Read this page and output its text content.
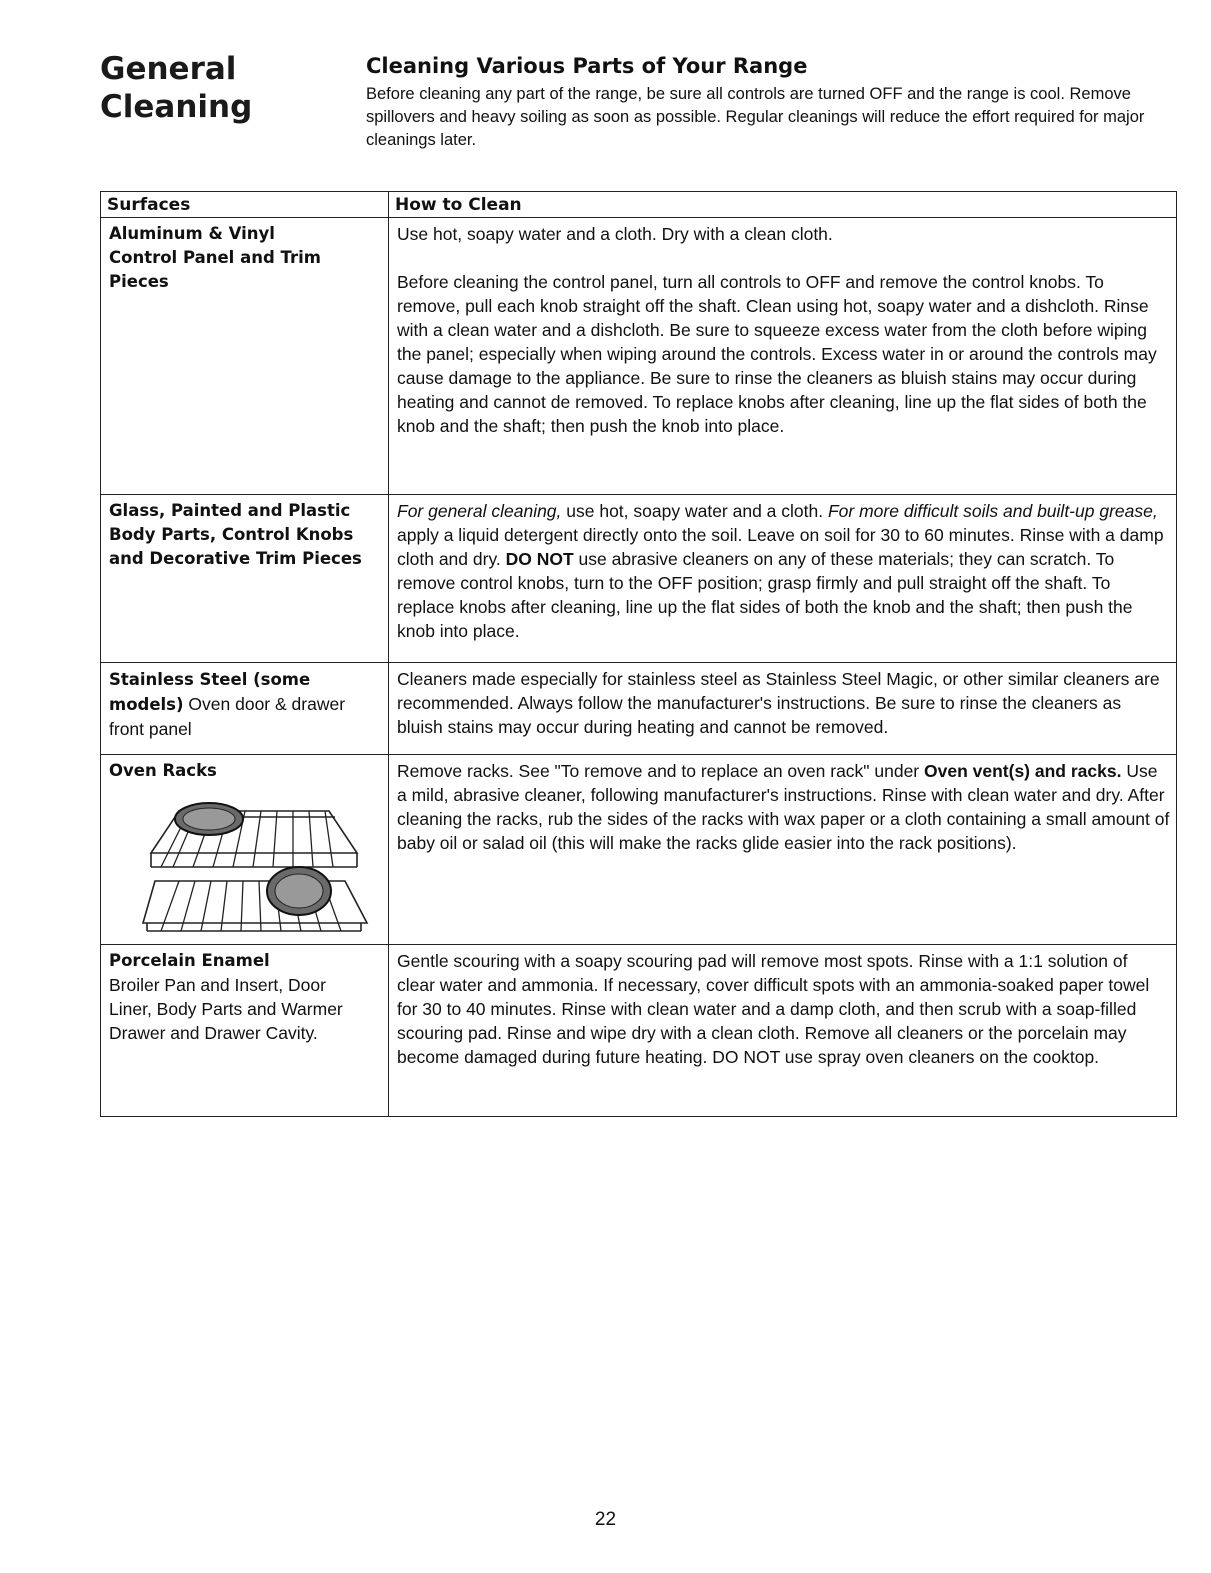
General
Cleaning
Cleaning Various Parts of Your Range
Before cleaning any part of the range, be sure all controls are turned OFF and the range is cool. Remove spillovers and heavy soiling as soon as possible. Regular cleanings will reduce the effort required for major cleanings later.
Surfaces	How to Clean

Aluminum & Vinyl Control Panel and Trim Pieces	Use hot, soapy water and a cloth. Dry with a clean cloth.

Before cleaning the control panel, turn all controls to OFF and remove the control knobs. To remove, pull each knob straight off the shaft. Clean using hot, soapy water and a dishcloth. Rinse with a clean water and a dishcloth. Be sure to squeeze excess water from the cloth before wiping the panel; especially when wiping around the controls. Excess water in or around the controls may cause damage to the appliance. Be sure to rinse the cleaners as bluish stains may occur during heating and cannot de removed. To replace knobs after cleaning, line up the flat sides of both the knob and the shaft; then push the knob into place.

Glass, Painted and Plastic Body Parts, Control Knobs and Decorative Trim Pieces	For general cleaning, use hot, soapy water and a cloth. For more difficult soils and built-up grease, apply a liquid detergent directly onto the soil. Leave on soil for 30 to 60 minutes. Rinse with a damp cloth and dry. DO NOT use abrasive cleaners on any of these materials; they can scratch. To remove control knobs, turn to the OFF position; grasp firmly and pull straight off the shaft. To replace knobs after cleaning, line up the flat sides of both the knob and the shaft; then push the knob into place.

Stainless Steel (some models) Oven door & drawer front panel	Cleaners made especially for stainless steel as Stainless Steel Magic, or other similar cleaners are recommended. Always follow the manufacturer's instructions. Be sure to rinse the cleaners as bluish stains may occur during heating and cannot be removed.

Oven Racks	Remove racks. See "To remove and to replace an oven rack" under Oven vent(s) and racks. Use a mild, abrasive cleaner, following manufacturer's instructions. Rinse with clean water and dry. After cleaning the racks, rub the sides of the racks with wax paper or a cloth containing a small amount of baby oil or salad oil (this will make the racks glide easier into the rack positions).

Porcelain Enamel
Broiler Pan and Insert, Door Liner, Body Parts and Warmer Drawer and Drawer Cavity.	Gentle scouring with a soapy scouring pad will remove most spots. Rinse with a 1:1 solution of clear water and ammonia. If necessary, cover difficult spots with an ammonia-soaked paper towel for 30 to 40 minutes. Rinse with clean water and a damp cloth, and then scrub with a soap-filled scouring pad. Rinse and wipe dry with a clean cloth. Remove all cleaners or the porcelain may become damaged during future heating. DO NOT use spray oven cleaners on the cooktop.

22
